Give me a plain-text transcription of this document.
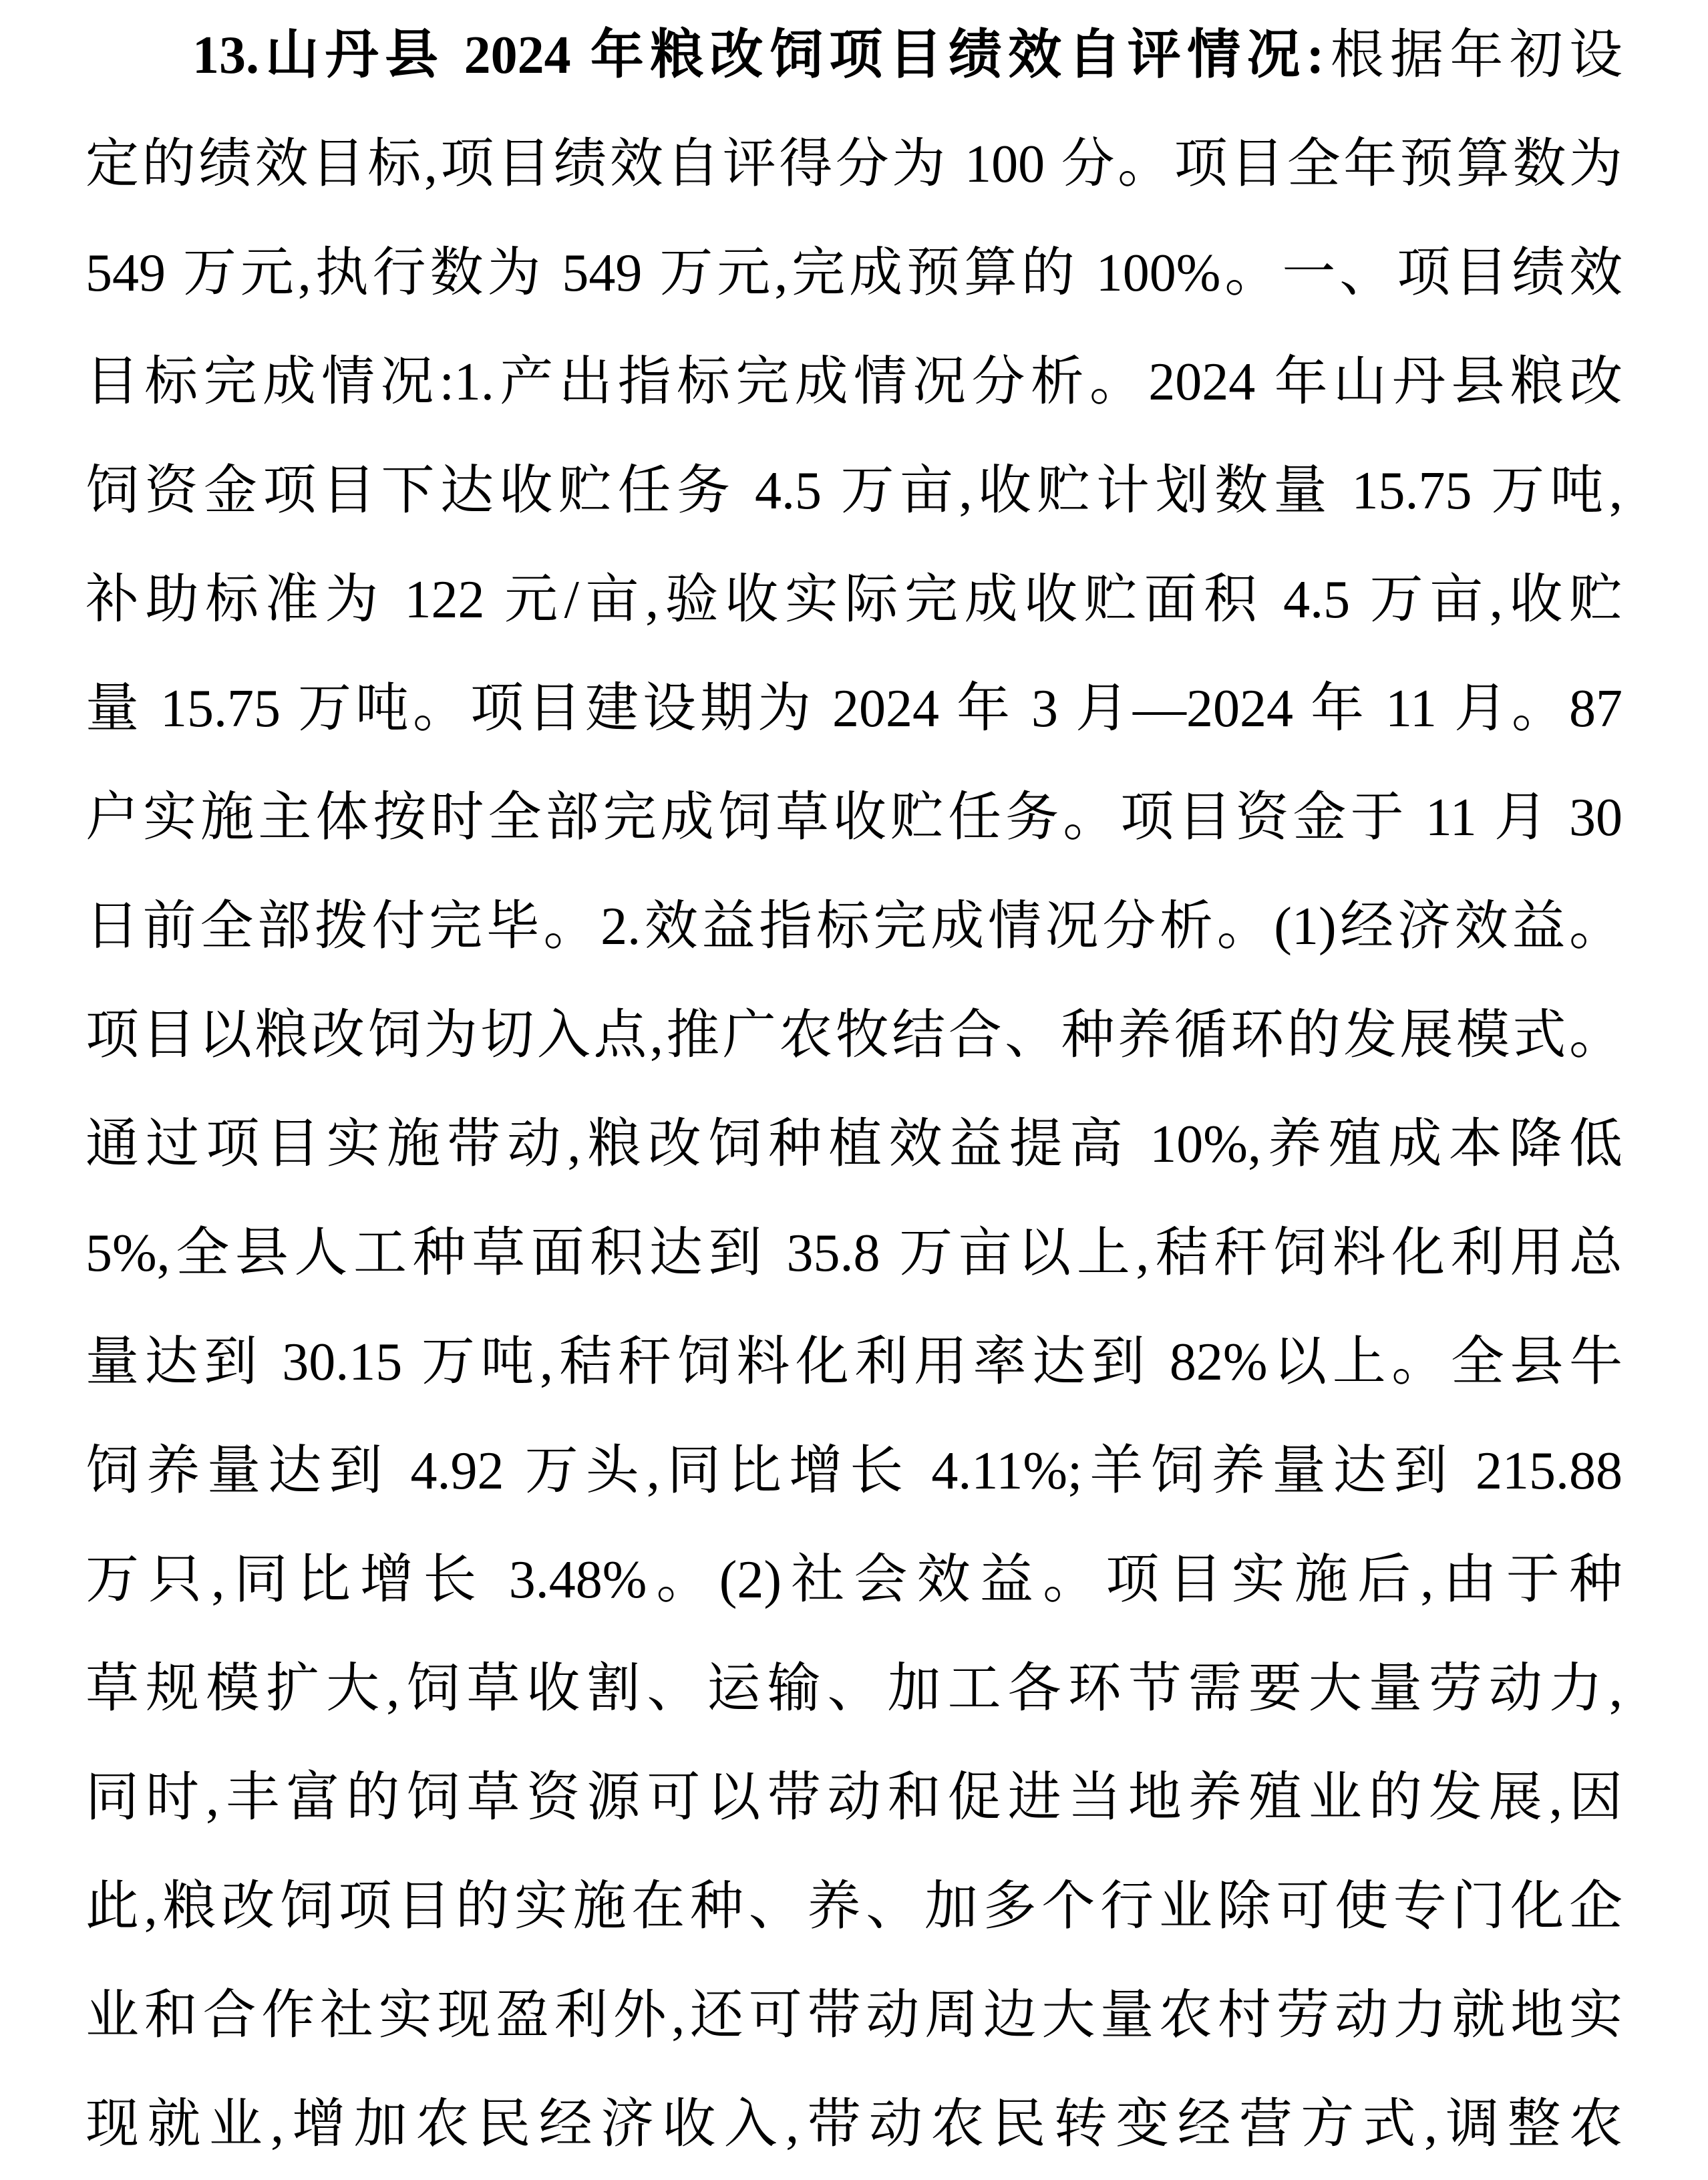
13.山丹县 2024 年粮改饲项目绩效自评情况:根据年初设
定的绩效目标,项目绩效自评得分为 100 分。项目全年预算数为
549 万元,执行数为 549 万元,完成预算的 100%。一、项目绩效
目标完成情况:1.产出指标完成情况分析。2024 年山丹县粮改
饲资金项目下达收贮任务 4.5 万亩,收贮计划数量 15.75 万吨,
补助标准为 122 元/亩,验收实际完成收贮面积 4.5 万亩,收贮
量 15.75 万吨。项目建设期为 2024 年 3 月—2024 年 11 月。87
户实施主体按时全部完成饲草收贮任务。项目资金于 11 月 30
日前全部拨付完毕。2.效益指标完成情况分析。(1)经济效益。
项目以粮改饲为切入点,推广农牧结合、种养循环的发展模式。
通过项目实施带动,粮改饲种植效益提高 10%,养殖成本降低
5%,全县人工种草面积达到 35.8 万亩以上,秸秆饲料化利用总
量达到 30.15 万吨,秸秆饲料化利用率达到 82%以上。全县牛
饲养量达到 4.92 万头,同比增长 4.11%;羊饲养量达到 215.88
万只,同比增长 3.48%。(2)社会效益。项目实施后,由于种
草规模扩大,饲草收割、运输、加工各环节需要大量劳动力,
同时,丰富的饲草资源可以带动和促进当地养殖业的发展,因
此,粮改饲项目的实施在种、养、加多个行业除可使专门化企
业和合作社实现盈利外,还可带动周边大量农村劳动力就地实
现就业,增加农民经济收入,带动农民转变经营方式,调整农
